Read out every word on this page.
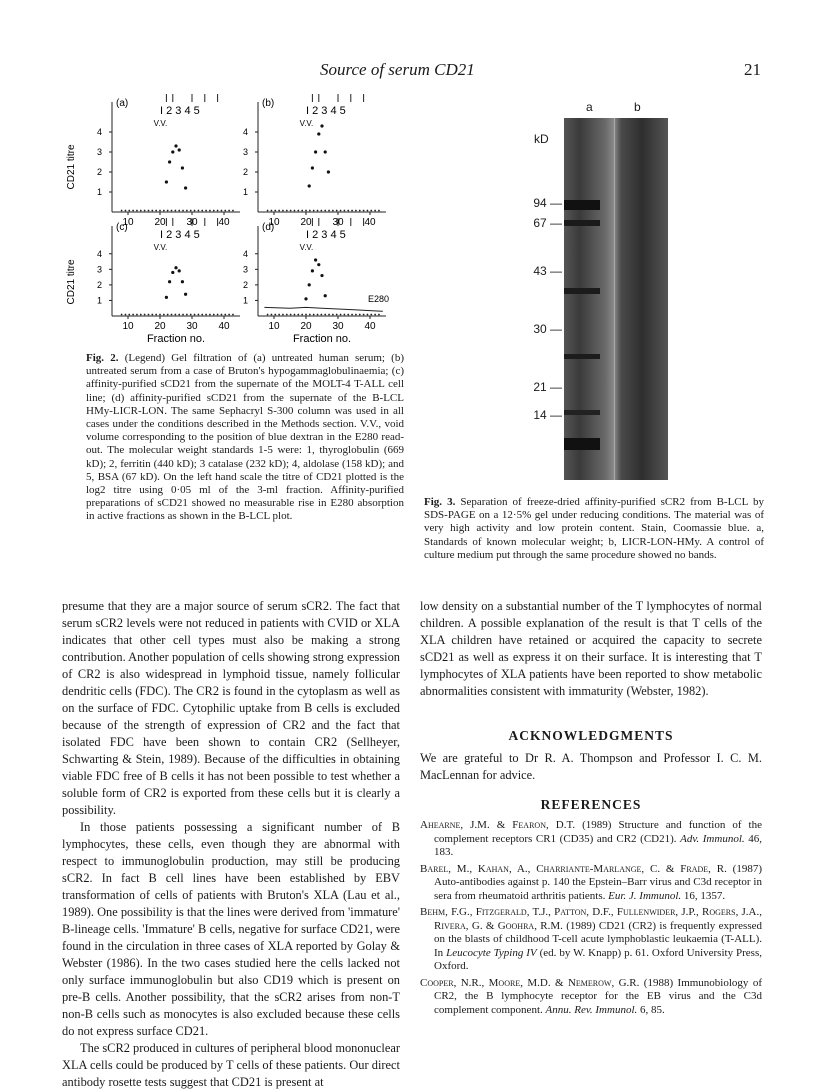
Source of serum CD21	21
(a)
I 2 3 4 5
V.V.
1
2
3
4
10 20 30 40
(b)
I 2 3 4 5
V.V.
1
2
3
4
10 20 30 40
(c)
I 2 3 4 5
V.V.
1
2
3
4
10 20 30 40
(d)
I 2 3 4 5
V.V.
1
2
3
4
10 20 30 40
E280
CD21 titre
CD21 titre
Fraction no.	Fraction no.
Fig. 2. (Legend) Gel filtration of (a) untreated human serum; (b) untreated serum from a case of Bruton's hypogammaglobulinaemia; (c) affinity-purified sCD21 from the supernate of the MOLT-4 T-ALL cell line; (d) affinity-purified sCD21 from the supernate of the B-LCL HMy-LICR-LON. The same Sephacryl S-300 column was used in all cases under the conditions described in the Methods section. V.V., void volume corresponding to the position of blue dextran in the E280 read-out. The molecular weight standards 1-5 were: 1, thyroglobulin (669 kD); 2, ferritin (440 kD); 3 catalase (232 kD); 4, aldolase (158 kD); and 5, BSA (67 kD). On the left hand scale the titre of CD21 plotted is the log2 titre using 0·05 ml of the 3-ml fraction. Affinity-purified preparations of sCD21 showed no measurable rise in E280 absorption in active fractions as shown in the B-LCL plot.
a	b
kD
94 —
67 —
43 —
30 —
21 —
14 —
Fig. 3. Separation of freeze-dried affinity-purified sCR2 from B-LCL by SDS-PAGE on a 12·5% gel under reducing conditions. The material was of very high activity and low protein content. Stain, Coomassie blue. a, Standards of known molecular weight; b, LICR-LON-HMy. A control of culture medium put through the same procedure showed no bands.

presume that they are a major source of serum sCR2. The fact that serum sCR2 levels were not reduced in patients with CVID or XLA indicates that other cell types must also be making a strong contribution. Another population of cells showing strong expression of CR2 is also widespread in lymphoid tissue, namely follicular dendritic cells (FDC). The CR2 is found in the cytoplasm as well as on the surface of FDC. Cytophilic uptake from B cells is excluded because of the strength of expression of CR2 and the fact that isolated FDC have been shown to contain CR2 (Sellheyer, Schwarting & Stein, 1989). Because of the difficulties in obtaining viable FDC free of B cells it has not been possible to test whether a soluble form of CR2 is exported from these cells but it is clearly a possibility.

In those patients possessing a significant number of B lymphocytes, these cells, even though they are abnormal with respect to immunoglobulin production, may still be producing sCR2. In fact B cell lines have been established by EBV transformation of cells of patients with Bruton's XLA (Lau et al., 1989). One possibility is that the lines were derived from 'immature' B-lineage cells. 'Immature' B cells, negative for surface CD21, were found in the circulation in three cases of XLA reported by Golay & Webster (1986). In the two cases studied here the cells lacked not only surface immunoglobulin but also CD19 which is present on pre-B cells. Another possibility, that the sCR2 arises from non-T non-B cells such as monocytes is also excluded because these cells do not express surface CD21.

The sCR2 produced in cultures of peripheral blood mononuclear XLA cells could be produced by T cells of these patients. Our direct antibody rosette tests suggest that CD21 is present at

low density on a substantial number of the T lymphocytes of normal children. A possible explanation of the result is that T cells of the XLA children have retained or acquired the capacity to secrete sCD21 as well as express it on their surface. It is interesting that T lymphocytes of XLA patients have been reported to show metabolic abnormalities consistent with immaturity (Webster, 1982).

ACKNOWLEDGMENTS

We are grateful to Dr R. A. Thompson and Professor I. C. M. MacLennan for advice.

REFERENCES

Ahearne, J.M. & Fearon, D.T. (1989) Structure and function of the complement receptors CR1 (CD35) and CR2 (CD21). Adv. Immunol. 46, 183.

Barel, M., Kahan, A., Charriante-Marlange, C. & Frade, R. (1987) Auto-antibodies against p. 140 the Epstein–Barr virus and C3d receptor in sera from rheumatoid arthritis patients. Eur. J. Immunol. 16, 1357.

Behm, F.G., Fitzgerald, T.J., Patton, D.F., Fullenwider, J.P., Rogers, J.A., Rivera, G. & Goohra, R.M. (1989) CD21 (CR2) is frequently expressed on the blasts of childhood T-cell acute lymphoblastic leukaemia (T-ALL). In Leucocyte Typing IV (ed. by W. Knapp) p. 61. Oxford University Press, Oxford.

Cooper, N.R., Moore, M.D. & Nemerow, G.R. (1988) Immunobiology of CR2, the B lymphocyte receptor for the EB virus and the C3d complement component. Annu. Rev. Immunol. 6, 85.
